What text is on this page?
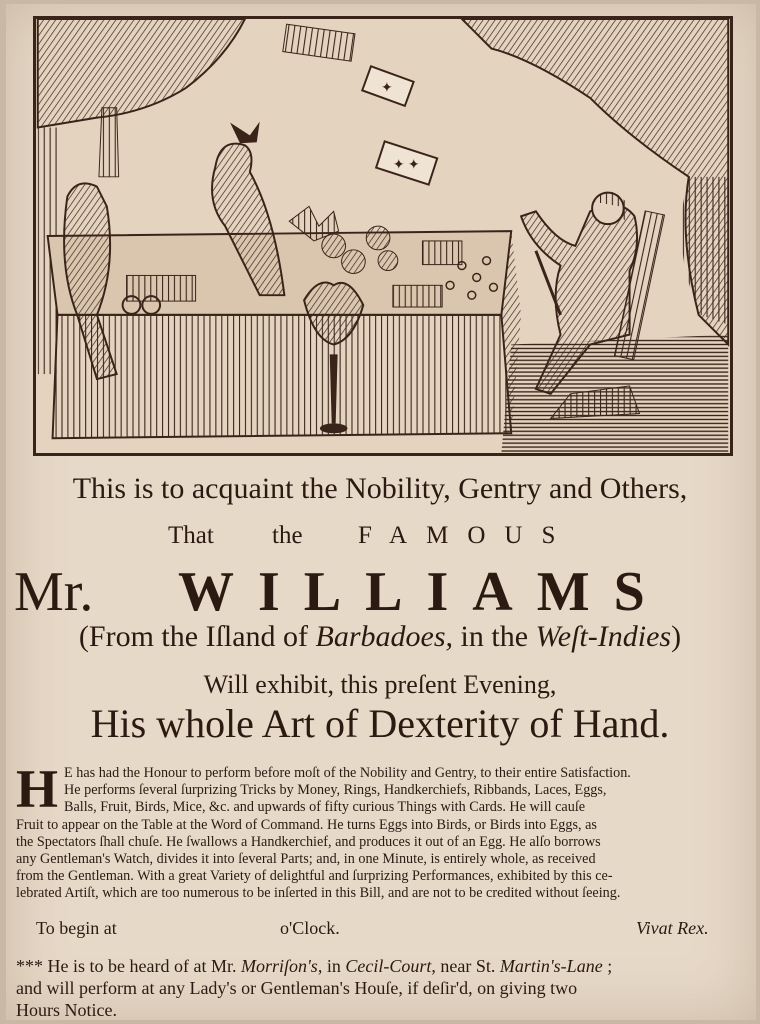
✦
✦ ✦
This is to acquaint the Nobility, Gentry and Others,
That the FAMOUS
Mr. WILLIAMS
(From the Iſland of Barbadoes, in the Weſt-Indies)
Will exhibit, this preſent Evening,
His whole Art of Dexterity of Hand.
H E has had the Honour to perform before moſt of the Nobility and Gentry, to their entire Satisfaction.
He performs ſeveral ſurprizing Tricks by Money, Rings, Handkerchiefs, Ribbands, Laces, Eggs,
Balls, Fruit, Birds, Mice, &c. and upwards of fifty curious Things with Cards. He will cauſe
Fruit to appear on the Table at the Word of Command. He turns Eggs into Birds, or Birds into Eggs, as
the Spectators ſhall chuſe. He ſwallows a Handkerchief, and produces it out of an Egg. He alſo borrows
any Gentleman's Watch, divides it into ſeveral Parts; and, in one Minute, is entirely whole, as received
from the Gentleman. With a great Variety of delightful and ſurprizing Performances, exhibited by this ce-
lebrated Artiſt, which are too numerous to be inſerted in this Bill, and are not to be credited without ſeeing.
To begin at	o'Clock.	Vivat Rex.
*** He is to be heard of at Mr. Morriſon's, in Cecil-Court, near St. Martin's-Lane ;
and will perform at any Lady's or Gentleman's Houſe, if deſir'd, on giving two
Hours Notice.
